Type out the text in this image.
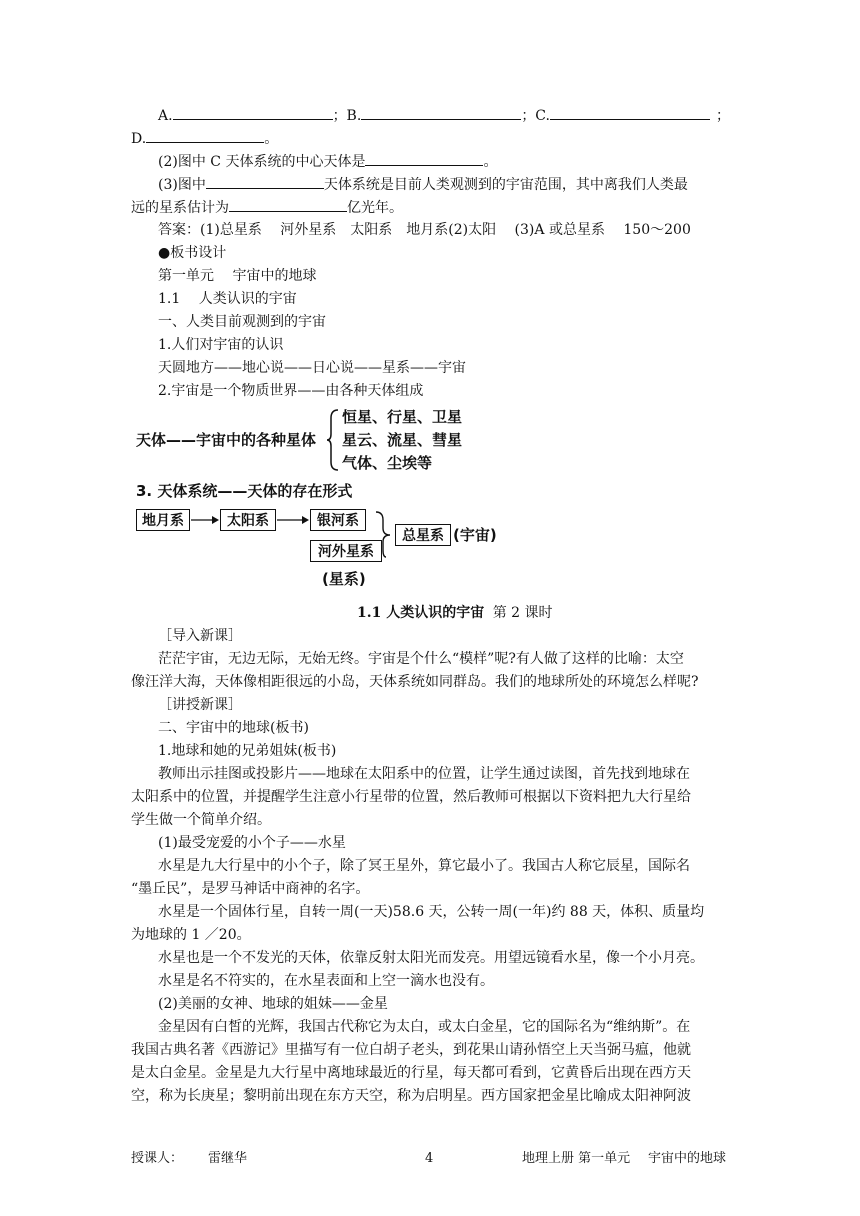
A.	；B.	；C.	；
D.	。
(2)图中 C 天体系统的中心天体是	。
(3)图中	天体系统是目前人类观测到的宇宙范围，其中离我们人类最
远的星系估计为	亿光年。
答案：(1)总星系　 河外星系　太阳系　地月系(2)太阳　 (3)A 或总星系　 150～200
●板书设计
第一单元　 宇宙中的地球
1.1　 人类认识的宇宙
一、人类目前观测到的宇宙
1.人们对宇宙的认识
天圆地方——地心说——日心说——星系——宇宙
2.宇宙是一个物质世界——由各种天体组成
天体——宇宙中的各种星体
恒星、行星、卫星
星云、流星、彗星
气体、尘埃等
3. 天体系统——天体的存在形式
地月系	太阳系	银河系
河外星系
总星系 (宇宙)
(星系)
1.1 人类认识的宇宙 第 2 课时
［导入新课］
茫茫宇宙，无边无际，无始无终。宇宙是个什么“模样”呢?有人做了这样的比喻：太空
像汪洋大海，天体像相距很远的小岛，天体系统如同群岛。我们的地球所处的环境怎么样呢?
［讲授新课］
二、宇宙中的地球(板书)
1.地球和她的兄弟姐妹(板书)
教师出示挂图或投影片——地球在太阳系中的位置，让学生通过读图，首先找到地球在
太阳系中的位置，并提醒学生注意小行星带的位置，然后教师可根据以下资料把九大行星给
学生做一个简单介绍。
(1)最受宠爱的小个子——水星
水星是九大行星中的小个子，除了冥王星外，算它最小了。我国古人称它辰星，国际名
“墨丘民”，是罗马神话中商神的名字。
水星是一个固体行星，自转一周(一天)58.6 天，公转一周(一年)约 88 天，体积、质量均
为地球的 1 ／20。
水星也是一个不发光的天体，依靠反射太阳光而发亮。用望远镜看水星，像一个小月亮。
水星是名不符实的，在水星表面和上空一滴水也没有。
(2)美丽的女神、地球的姐妹——金星
金星因有白皙的光辉，我国古代称它为太白，或太白金星，它的国际名为“维纳斯”。在
我国古典名著《西游记》里描写有一位白胡子老头，到花果山请孙悟空上天当弼马瘟，他就
是太白金星。金星是九大行星中离地球最近的行星，每天都可看到，它黄昏后出现在西方天
空，称为长庚星；黎明前出现在东方天空，称为启明星。西方国家把金星比喻成太阳神阿波
授课人： 雷继华	4	地理上册 第一单元 宇宙中的地球
